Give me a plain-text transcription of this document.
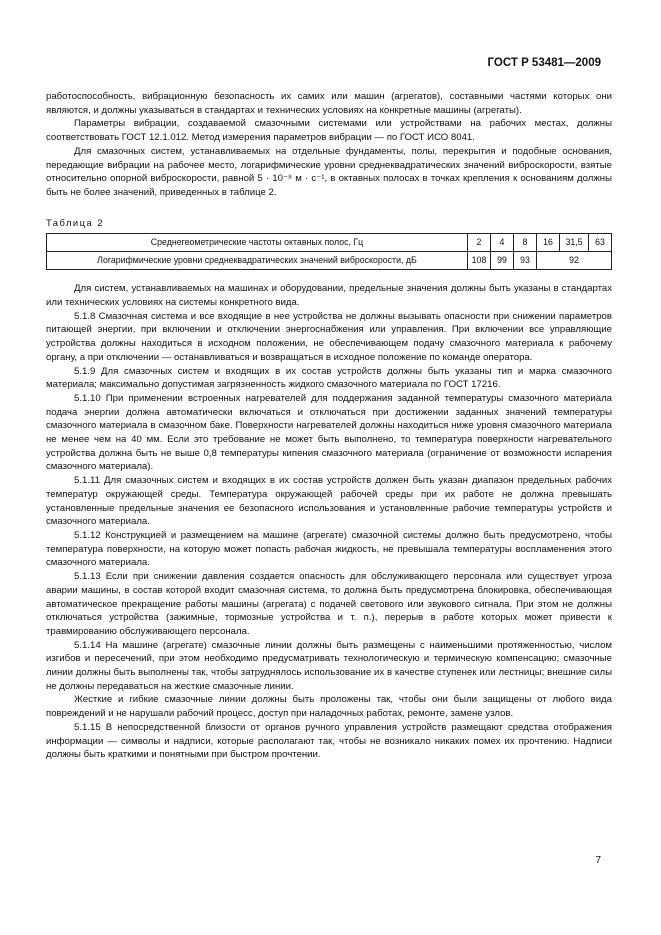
ГОСТ Р 53481—2009

работоспособность, вибрационную безопасность их самих или машин (агрегатов), составными частями которых они являются, и должны указываться в стандартах и технических условиях на конкретные машины (агрегаты).

Параметры вибрации, создаваемой смазочными системами или устройствами на рабочих местах, должны соответствовать ГОСТ 12.1.012. Метод измерения параметров вибрации — по ГОСТ ИСО 8041.

Для смазочных систем, устанавливаемых на отдельные фундаменты, полы, перекрытия и подобные основания, передающие вибрации на рабочее место, логарифмические уровни среднеквадратических значений виброскорости, взятые относительно опорной виброскорости, равной 5 · 10⁻⁸ м · с⁻¹, в октавных полосах в точках крепления к основаниям должны быть не более значений, приведенных в таблице 2.

Таблица 2
Среднегеометрические частоты октавных полос, Гц	2	4	8	16	31,5	63
Логарифмические уровни среднеквадратических значений виброскорости, дБ	108	99	93	92		

Для систем, устанавливаемых на машинах и оборудовании, предельные значения должны быть указаны в стандартах или технических условиях на системы конкретного вида.

5.1.8 Смазочная система и все входящие в нее устройства не должны вызывать опасности при снижении параметров питающей энергии, при включении и отключении энергоснабжения или управления. При включении все управляющие устройства должны находиться в исходном положении, не обеспечивающем подачу смазочного материала к рабочему органу, а при отключении — останавливаться и возвращаться в исходное положение по команде оператора.

5.1.9 Для смазочных систем и входящих в их состав устройств должны быть указаны тип и марка смазочного материала; максимально допустимая загрязненность жидкого смазочного материала по ГОСТ 17216.

5.1.10 При применении встроенных нагревателей для поддержания заданной температуры смазочного материала подача энергии должна автоматически включаться и отключаться при достижении заданных значений температуры смазочного материала в смазочном баке. Поверхности нагревателей должны находиться ниже уровня смазочного материала не менее чем на 40 мм. Если это требование не может быть выполнено, то температура поверхности нагревательного устройства должна быть не выше 0,8 температуры кипения смазочного материала (ограничение от возможности испарения смазочного материала).

5.1.11 Для смазочных систем и входящих в их состав устройств должен быть указан диапазон предельных рабочих температур окружающей среды. Температура окружающей рабочей среды при их работе не должна превышать установленные предельные значения ее безопасного использования и установленные рабочие температуры устройств и смазочного материала.

5.1.12 Конструкцией и размещением на машине (агрегате) смазочной системы должно быть предусмотрено, чтобы температура поверхности, на которую может попасть рабочая жидкость, не превышала температуры воспламенения этого смазочного материала.

5.1.13 Если при снижении давления создается опасность для обслуживающего персонала или существует угроза аварии машины, в состав которой входит смазочная система, то должна быть предусмотрена блокировка, обеспечивающая автоматическое прекращение работы машины (агрегата) с подачей светового или звукового сигнала. При этом не должны отключаться устройства (зажимные, тормозные устройства и т. п.), перерыв в работе которых может привести к травмированию обслуживающего персонала.

5.1.14 На машине (агрегате) смазочные линии должны быть размещены с наименьшими протяженностью, числом изгибов и пересечений, при этом необходимо предусматривать технологическую и термическую компенсацию; смазочные линии должны быть выполнены так, чтобы затруднялось использование их в качестве ступенек или лестницы; внешние силы не должны передаваться на жесткие смазочные линии.

Жесткие и гибкие смазочные линии должны быть проложены так, чтобы они были защищены от любого вида повреждений и не нарушали рабочий процесс, доступ при наладочных работах, ремонте, замене узлов.

5.1.15 В непосредственной близости от органов ручного управления устройств размещают средства отображения информации — символы и надписи, которые располагают так, чтобы не возникало никаких помех их прочтению. Надписи должны быть краткими и понятными при быстром прочтении.

7
